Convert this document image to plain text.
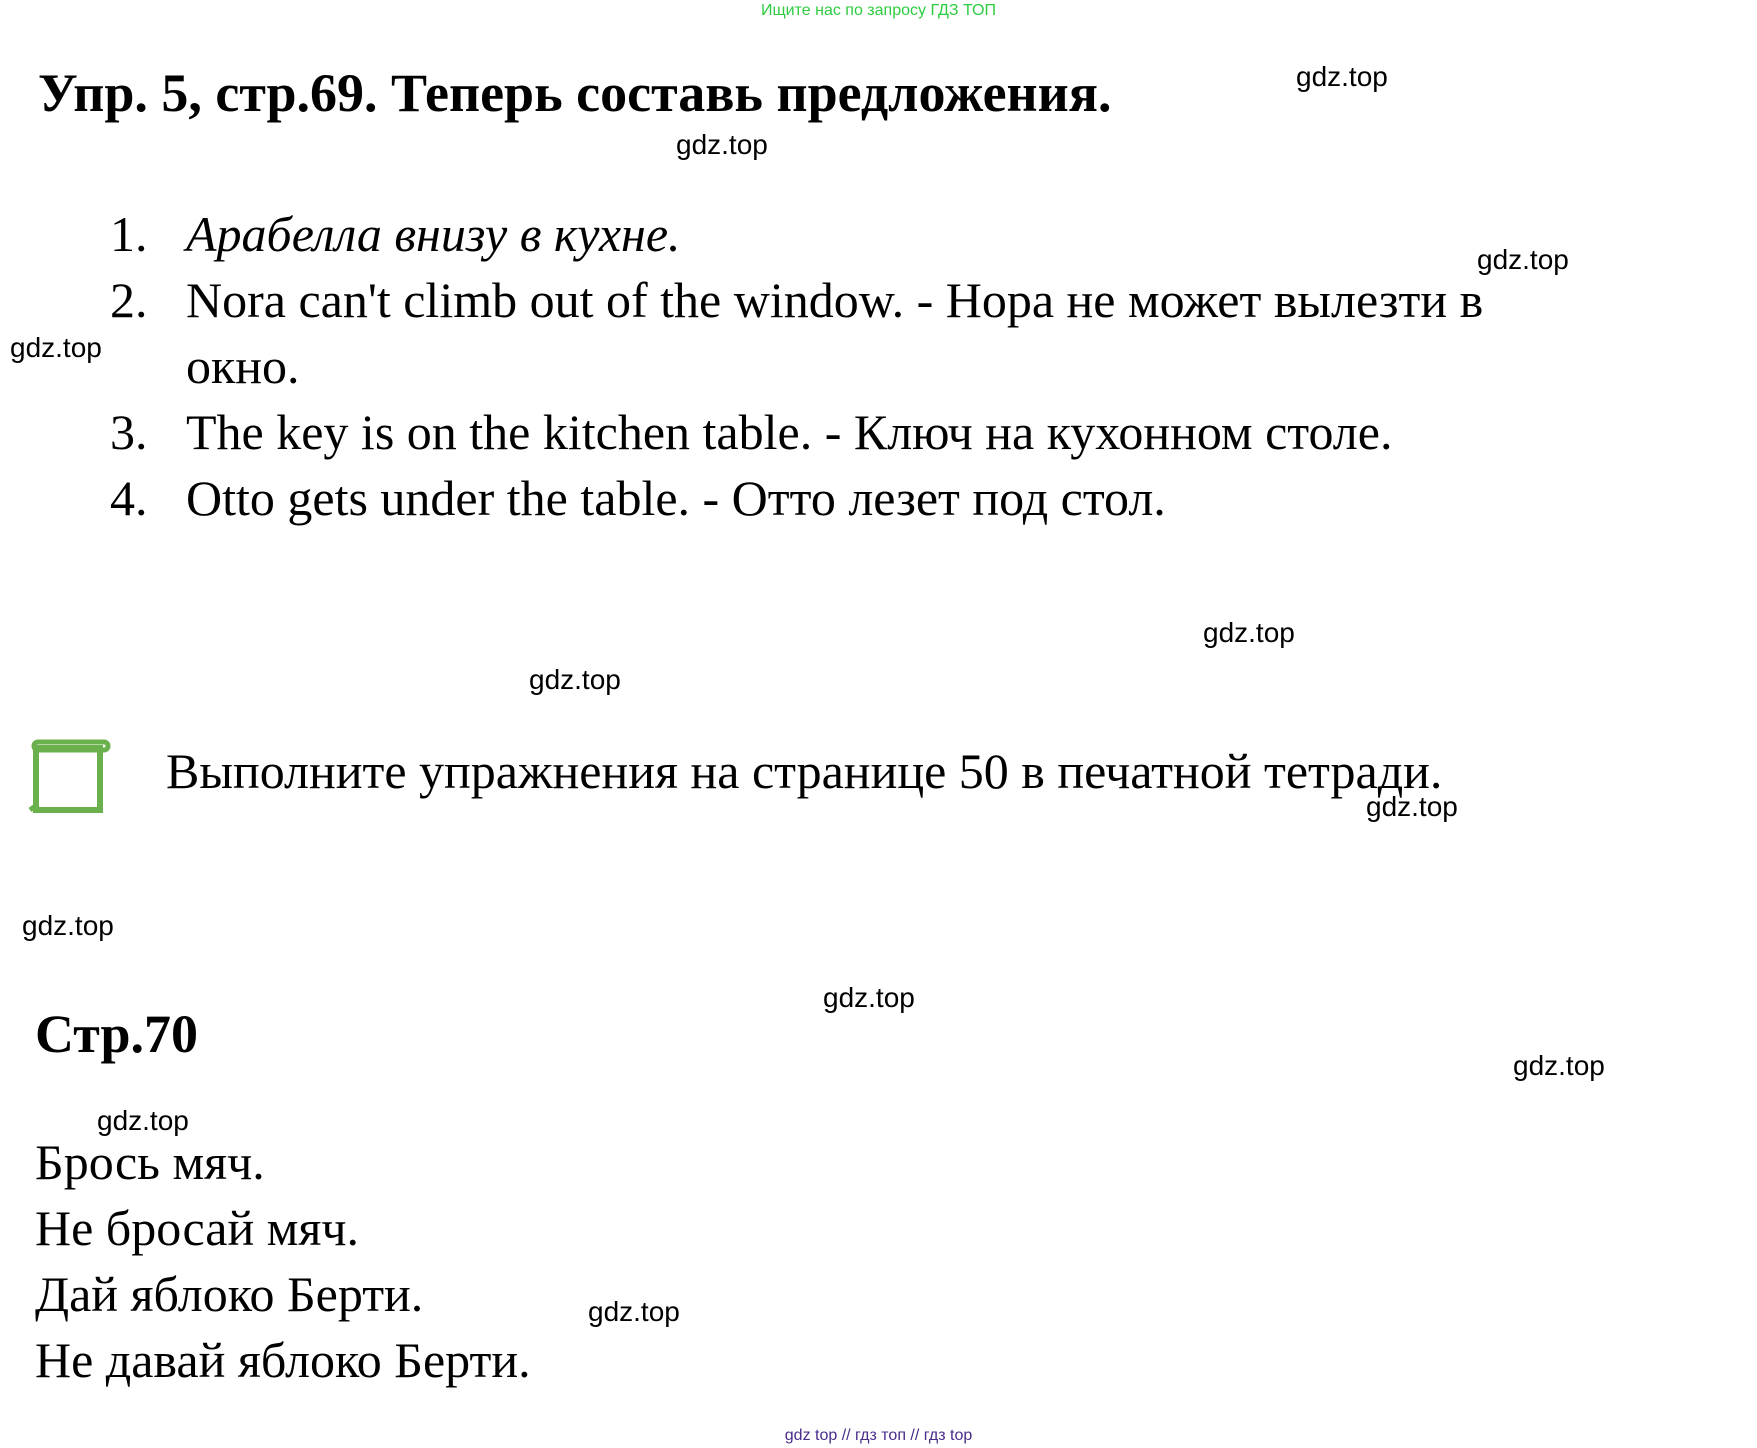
Ищите нас по запросу ГДЗ ТОП
Упр. 5, стр.69. Теперь составь предложения.
1. Арабелла внизу в кухне.
2. Nora can't climb out of the window. - Нора не может вылезти в
окно.
3. The key is on the kitchen table. - Ключ на кухонном столе.
4. Otto gets under the table. - Отто лезет под стол.
Выполните упражнения на странице 50 в печатной тетради.
Стр.70
Брось мяч.
Не бросай мяч.
Дай яблоко Берти.
Не давай яблоко Берти.
gdz.top
gdz.top
gdz.top
gdz.top
gdz.top
gdz.top
gdz.top
gdz.top
gdz.top
gdz.top
gdz.top
gdz.top
gdz top // гдз топ // гдз top
